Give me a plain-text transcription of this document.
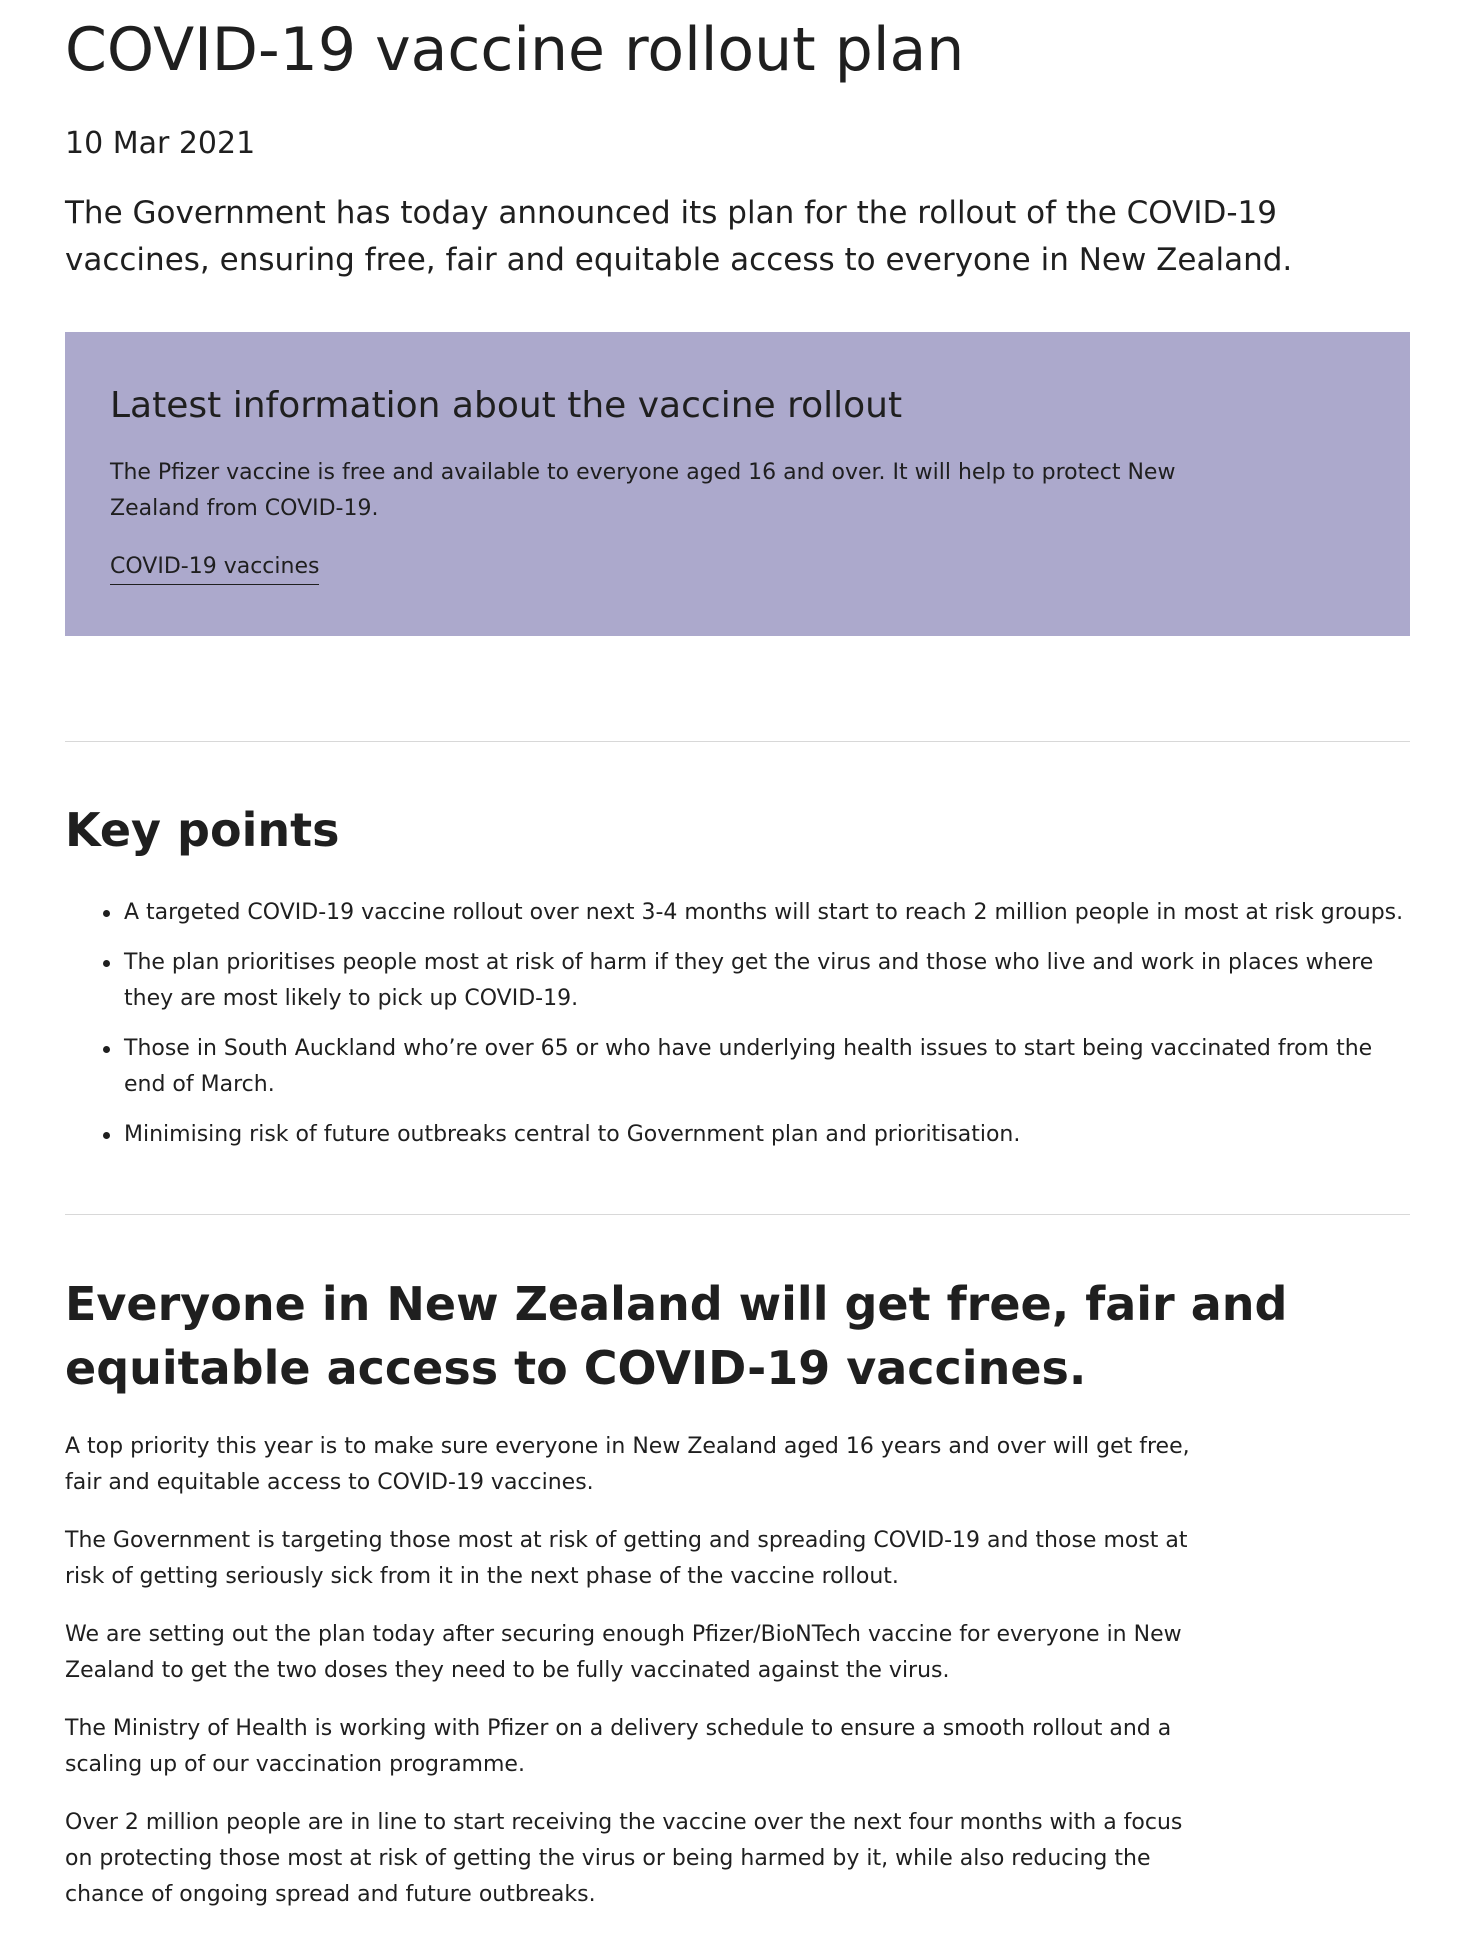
COVID-19 vaccine rollout plan
10 Mar 2021

The Government has today announced its plan for the rollout of the COVID-19 vaccines, ensuring free, fair and equitable access to everyone in New Zealand.

Latest information about the vaccine rollout

The Pfizer vaccine is free and available to everyone aged 16 and over. It will help to protect New Zealand from COVID-19.

COVID-19 vaccines
Key points
A targeted COVID-19 vaccine rollout over next 3-4 months will start to reach 2 million people in most at risk groups.
The plan prioritises people most at risk of harm if they get the virus and those who live and work in places where they are most likely to pick up COVID-19.
Those in South Auckland who’re over 65 or who have underlying health issues to start being vaccinated from the end of March.
Minimising risk of future outbreaks central to Government plan and prioritisation.
Everyone in New Zealand will get free, fair and equitable access to COVID-19 vaccines.

A top priority this year is to make sure everyone in New Zealand aged 16 years and over will get free, fair and equitable access to COVID-19 vaccines.

The Government is targeting those most at risk of getting and spreading COVID-19 and those most at risk of getting seriously sick from it in the next phase of the vaccine rollout.

We are setting out the plan today after securing enough Pfizer/BioNTech vaccine for everyone in New Zealand to get the two doses they need to be fully vaccinated against the virus.

The Ministry of Health is working with Pfizer on a delivery schedule to ensure a smooth rollout and a scaling up of our vaccination programme.

Over 2 million people are in line to start receiving the vaccine over the next four months with a focus on protecting those most at risk of getting the virus or being harmed by it, while also reducing the chance of ongoing spread and future outbreaks.
